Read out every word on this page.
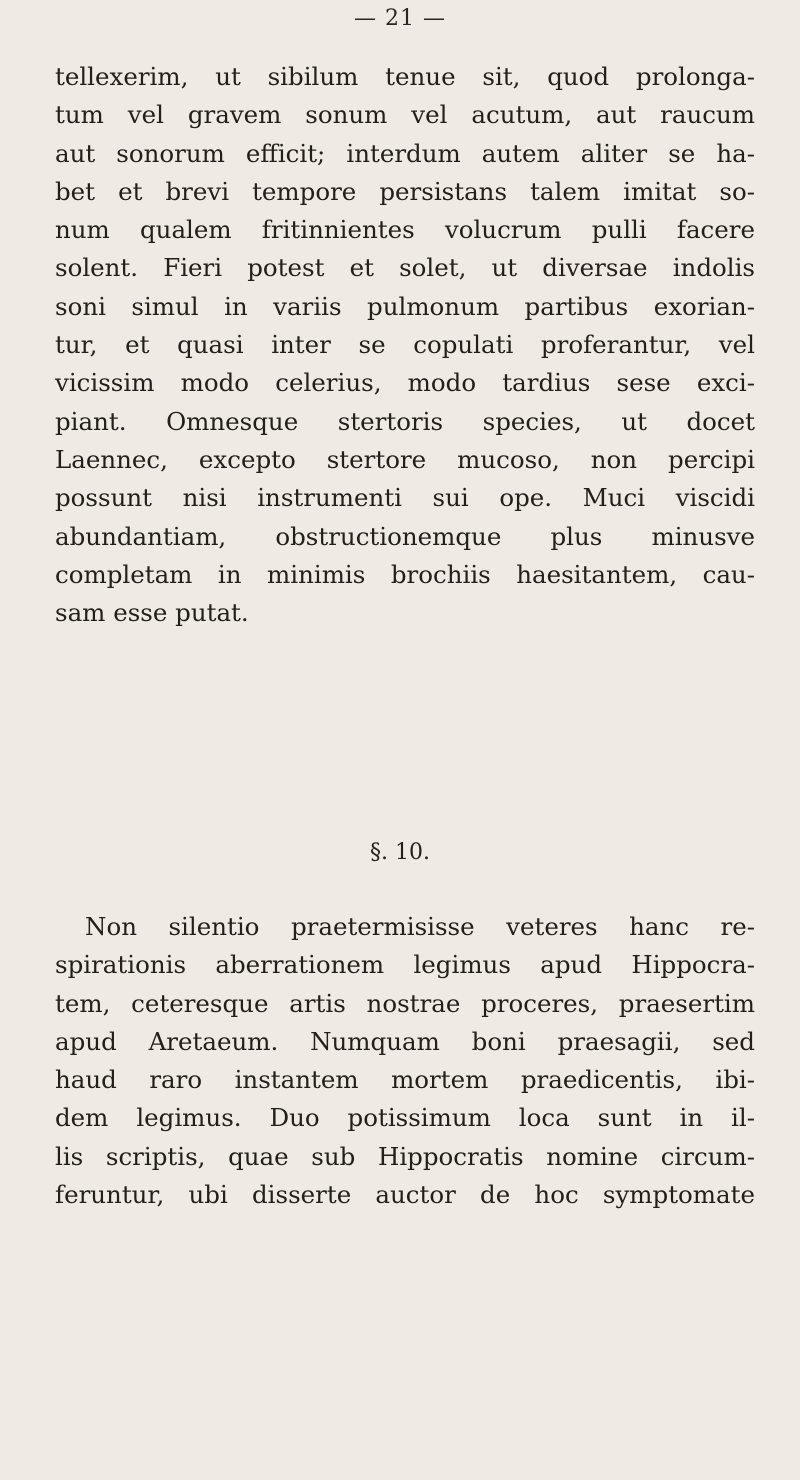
— 21 —
tellexerim, ut sibilum tenue sit, quod prolonga-
tum vel gravem sonum vel acutum, aut raucum
aut sonorum efficit; interdum autem aliter se ha-
bet et brevi tempore persistans talem imitat so-
num qualem fritinnientes volucrum pulli facere
solent. Fieri potest et solet, ut diversae indolis
soni simul in variis pulmonum partibus exorian-
tur, et quasi inter se copulati proferantur, vel
vicissim modo celerius, modo tardius sese exci-
piant. Omnesque stertoris species, ut docet
Laennec, excepto stertore mucoso, non percipi
possunt nisi instrumenti sui ope. Muci viscidi
abundantiam, obstructionemque plus minusve
completam in minimis brochiis haesitantem, cau-
sam esse putat.
§. 10.
Non silentio praetermisisse veteres hanc re-
spirationis aberrationem legimus apud Hippocra-
tem, ceteresque artis nostrae proceres, praesertim
apud Aretaeum. Numquam boni praesagii, sed
haud raro instantem mortem praedicentis, ibi-
dem legimus. Duo potissimum loca sunt in il-
lis scriptis, quae sub Hippocratis nomine circum-
feruntur, ubi disserte auctor de hoc symptomate
